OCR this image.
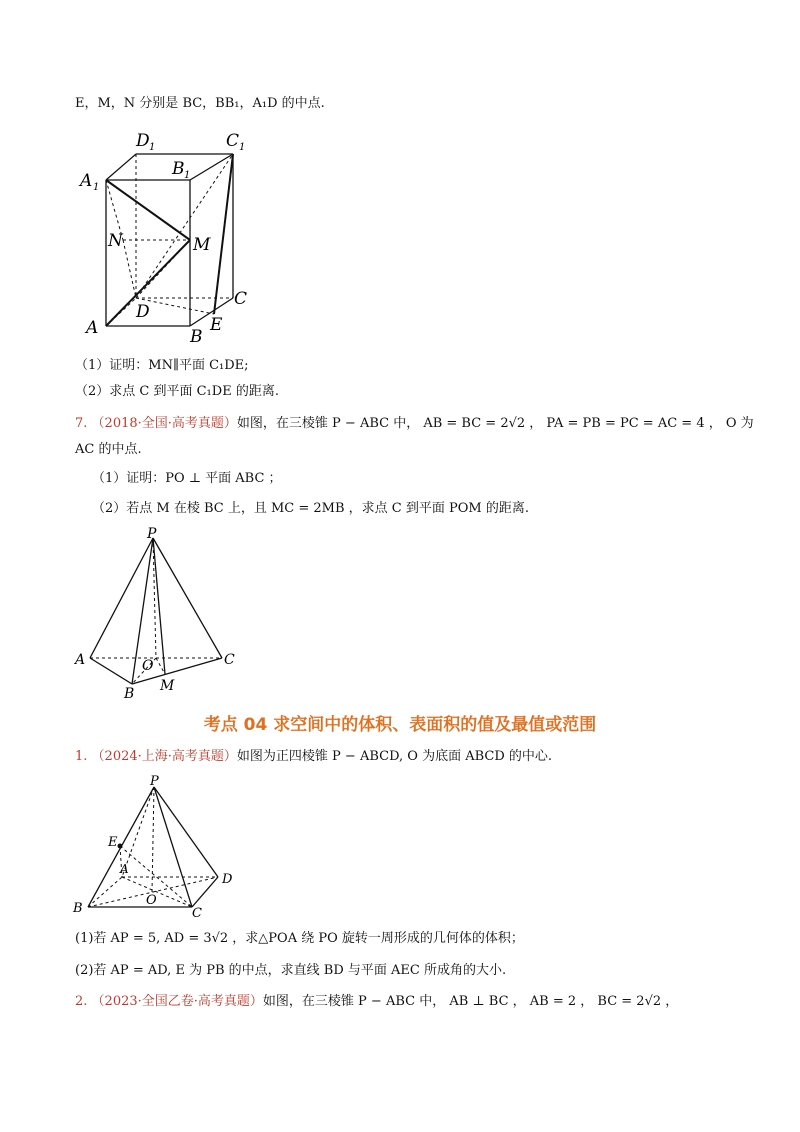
E，M，N 分别是 BC，BB₁，A₁D 的中点.
A 1
D 1	C 1
B 1
N	M
D
A	B
E
C
（1）证明：MN∥平面 C₁DE;
（2）求点 C 到平面 C₁DE 的距离.
7. （2018·全国·高考真题）如图，在三棱锥 P − ABC 中， AB = BC = 2√2 ， PA = PB = PC = AC = 4 ， O 为
AC 的中点.
（1）证明：PO ⊥ 平面 ABC ；
（2）若点 M 在棱 BC 上，且 MC = 2MB ，求点 C 到平面 POM 的距离.
P
A	O	C
B M
考点 04 求空间中的体积、表面积的值及最值或范围
1. （2024·上海·高考真题）如图为正四棱锥 P − ABCD, O 为底面 ABCD 的中心.
P
E
A
D
B
O
C
(1)若 AP = 5, AD = 3√2 ，求△POA 绕 PO 旋转一周形成的几何体的体积；
(2)若 AP = AD, E 为 PB 的中点，求直线 BD 与平面 AEC 所成角的大小.
2. （2023·全国乙卷·高考真题）如图，在三棱锥 P − ABC 中， AB ⊥ BC ， AB = 2 ， BC = 2√2 ，
